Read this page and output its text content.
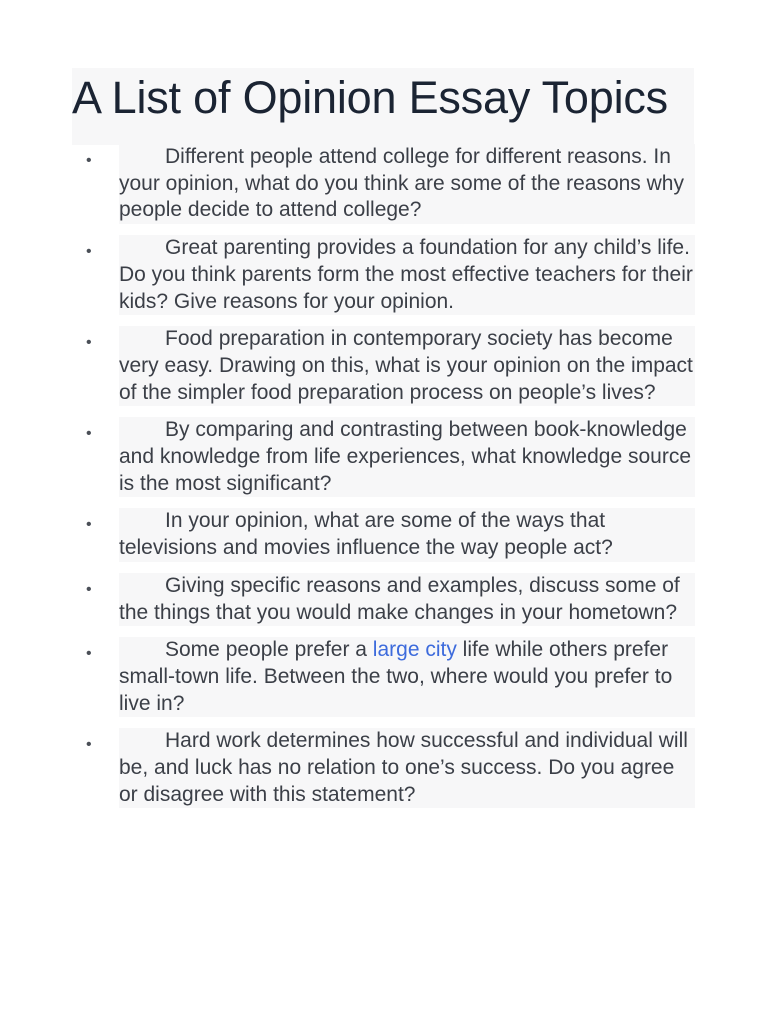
A List of Opinion Essay Topics
•	Different people attend college for different reasons. In your opinion, what do you think are some of the reasons why people decide to attend college?
•	Great parenting provides a foundation for any child’s life. Do you think parents form the most effective teachers for their kids? Give reasons for your opinion.
•	Food preparation in contemporary society has become very easy. Drawing on this, what is your opinion on the impact of the simpler food preparation process on people’s lives?
•	By comparing and contrasting between book-knowledge and knowledge from life experiences, what knowledge source is the most significant?
•	In your opinion, what are some of the ways that televisions and movies influence the way people act?
•	Giving specific reasons and examples, discuss some of the things that you would make changes in your hometown?
•	Some people prefer a large city life while others prefer small-town life. Between the two, where would you prefer to live in?
•	Hard work determines how successful and individual will be, and luck has no relation to one’s success. Do you agree or disagree with this statement?
